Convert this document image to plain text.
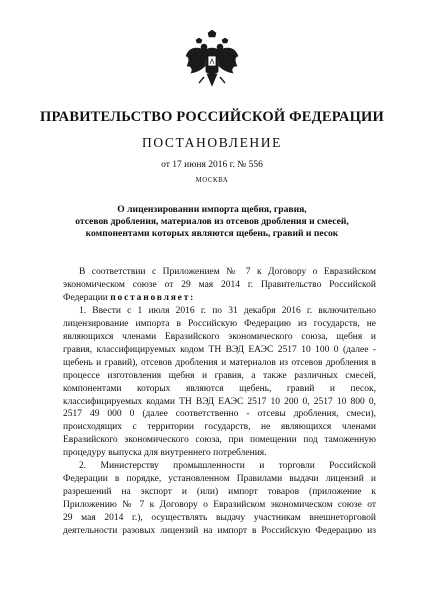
ПРАВИТЕЛЬСТВО РОССИЙСКОЙ ФЕДЕРАЦИИ
ПОСТАНОВЛЕНИЕ
от 17 июня 2016 г. № 556
МОСКВА
О лицензировании импорта щебня, гравия,
отсевов дробления, материалов из отсевов дробления и смесей,
компонентами которых являются щебень, гравий и песок
В соответствии с Приложением № 7 к Договору о Евразийском
экономическом союзе от 29 мая 2014 г. Правительство Российской
Федерации постановляет:
1. Ввести с 1 июля 2016 г. по 31 декабря 2016 г. включительно
лицензирование импорта в Российскую Федерацию из государств, не
являющихся членами Евразийского экономического союза, щебня и
гравия, классифицируемых кодом ТН ВЭД ЕАЭС 2517 10 100 0 (далее -
щебень и гравий), отсевов дробления и материалов из отсевов дробления в
процессе изготовления щебня и гравия, а также различных смесей,
компонентами которых являются щебень, гравий и песок,
классифицируемых кодами ТН ВЭД ЕАЭС 2517 10 200 0, 2517 10 800 0,
2517 49 000 0 (далее соответственно - отсевы дробления, смеси),
происходящих с территории государств, не являющихся членами
Евразийского экономического союза, при помещении под таможенную
процедуру выпуска для внутреннего потребления.
2. Министерству промышленности и торговли Российской
Федерации в порядке, установленном Правилами выдачи лицензий и
разрешений на экспорт и (или) импорт товаров (приложение к
Приложению № 7 к Договору о Евразийском экономическом союзе от
29 мая 2014 г.), осуществлять выдачу участникам внешнеторговой
деятельности разовых лицензий на импорт в Российскую Федерацию из
